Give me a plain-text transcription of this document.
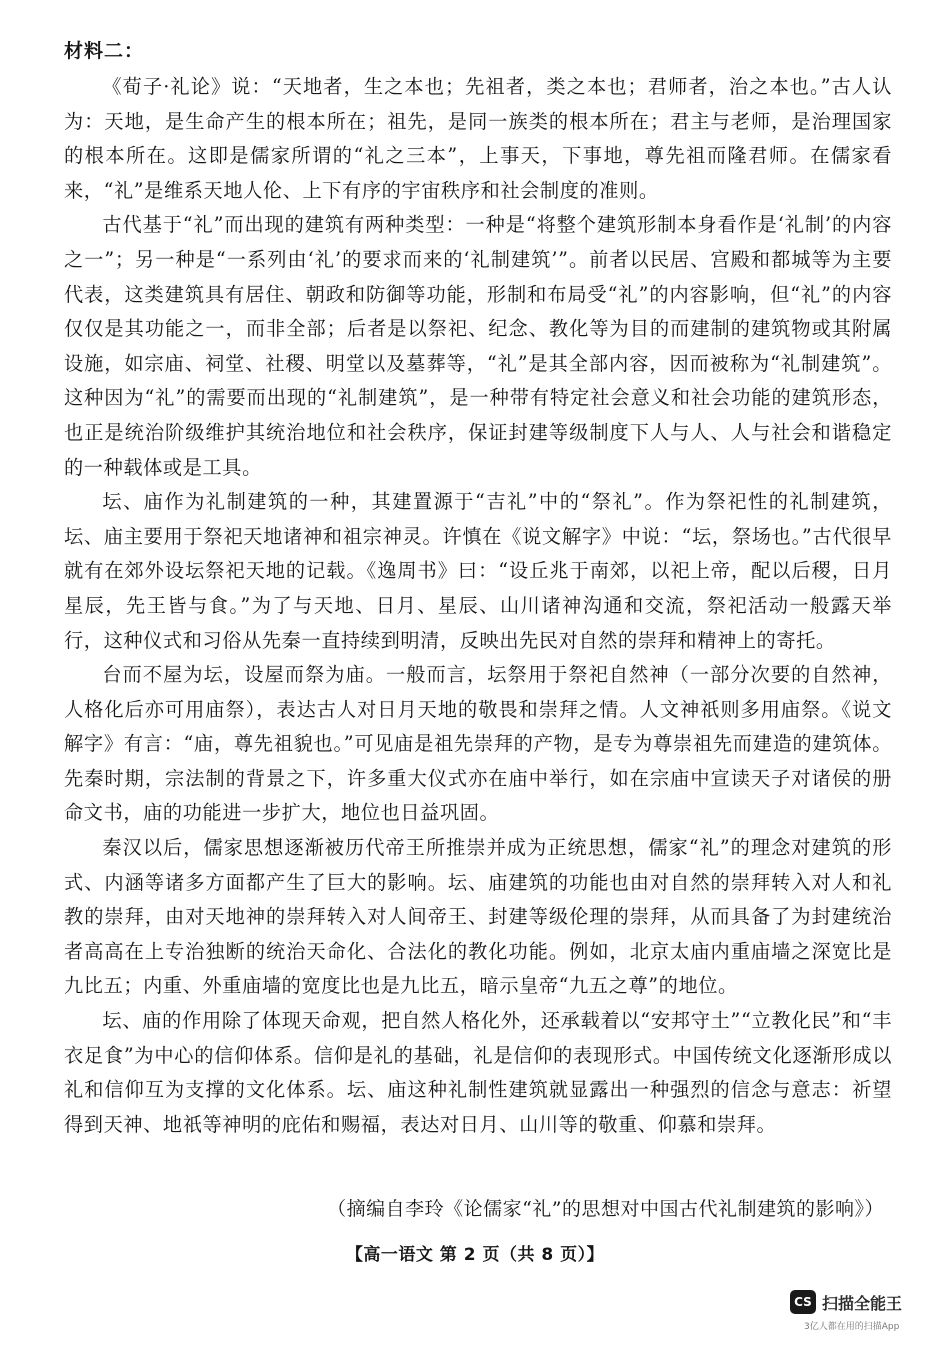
材料二：

《荀子·礼论》说：“天地者，生之本也；先祖者，类之本也；君师者，治之本也。”古人认为：天地，是生命产生的根本所在；祖先，是同一族类的根本所在；君主与老师，是治理国家的根本所在。这即是儒家所谓的“礼之三本”，上事天，下事地，尊先祖而隆君师。在儒家看来，“礼”是维系天地人伦、上下有序的宇宙秩序和社会制度的准则。

古代基于“礼”而出现的建筑有两种类型：一种是“将整个建筑形制本身看作是‘礼制’的内容之一”；另一种是“一系列由‘礼’的要求而来的‘礼制建筑’”。前者以民居、宫殿和都城等为主要代表，这类建筑具有居住、朝政和防御等功能，形制和布局受“礼”的内容影响，但“礼”的内容仅仅是其功能之一，而非全部；后者是以祭祀、纪念、教化等为目的而建制的建筑物或其附属设施，如宗庙、祠堂、社稷、明堂以及墓葬等，“礼”是其全部内容，因而被称为“礼制建筑”。这种因为“礼”的需要而出现的“礼制建筑”，是一种带有特定社会意义和社会功能的建筑形态，也正是统治阶级维护其统治地位和社会秩序，保证封建等级制度下人与人、人与社会和谐稳定的一种载体或是工具。

坛、庙作为礼制建筑的一种，其建置源于“吉礼”中的“祭礼”。作为祭祀性的礼制建筑，坛、庙主要用于祭祀天地诸神和祖宗神灵。许慎在《说文解字》中说：“坛，祭场也。”古代很早就有在郊外设坛祭祀天地的记载。《逸周书》曰：“设丘兆于南郊，以祀上帝，配以后稷，日月星辰，先王皆与食。”为了与天地、日月、星辰、山川诸神沟通和交流，祭祀活动一般露天举行，这种仪式和习俗从先秦一直持续到明清，反映出先民对自然的崇拜和精神上的寄托。

台而不屋为坛，设屋而祭为庙。一般而言，坛祭用于祭祀自然神（一部分次要的自然神，人格化后亦可用庙祭），表达古人对日月天地的敬畏和崇拜之情。人文神祇则多用庙祭。《说文解字》有言：“庙，尊先祖貌也。”可见庙是祖先崇拜的产物，是专为尊崇祖先而建造的建筑体。先秦时期，宗法制的背景之下，许多重大仪式亦在庙中举行，如在宗庙中宣读天子对诸侯的册命文书，庙的功能进一步扩大，地位也日益巩固。

秦汉以后，儒家思想逐渐被历代帝王所推崇并成为正统思想，儒家“礼”的理念对建筑的形式、内涵等诸多方面都产生了巨大的影响。坛、庙建筑的功能也由对自然的崇拜转入对人和礼教的崇拜，由对天地神的崇拜转入对人间帝王、封建等级伦理的崇拜，从而具备了为封建统治者高高在上专治独断的统治天命化、合法化的教化功能。例如，北京太庙内重庙墙之深宽比是九比五；内重、外重庙墙的宽度比也是九比五，暗示皇帝“九五之尊”的地位。

坛、庙的作用除了体现天命观，把自然人格化外，还承载着以“安邦守土”“立教化民”和“丰衣足食”为中心的信仰体系。信仰是礼的基础，礼是信仰的表现形式。中国传统文化逐渐形成以礼和信仰互为支撑的文化体系。坛、庙这种礼制性建筑就显露出一种强烈的信念与意志：祈望得到天神、地祇等神明的庇佑和赐福，表达对日月、山川等的敬重、仰慕和崇拜。

（摘编自李玲《论儒家“礼”的思想对中国古代礼制建筑的影响》）
【高一语文 第 2 页（共 8 页）】
CS 扫描全能王
3亿人都在用的扫描App
